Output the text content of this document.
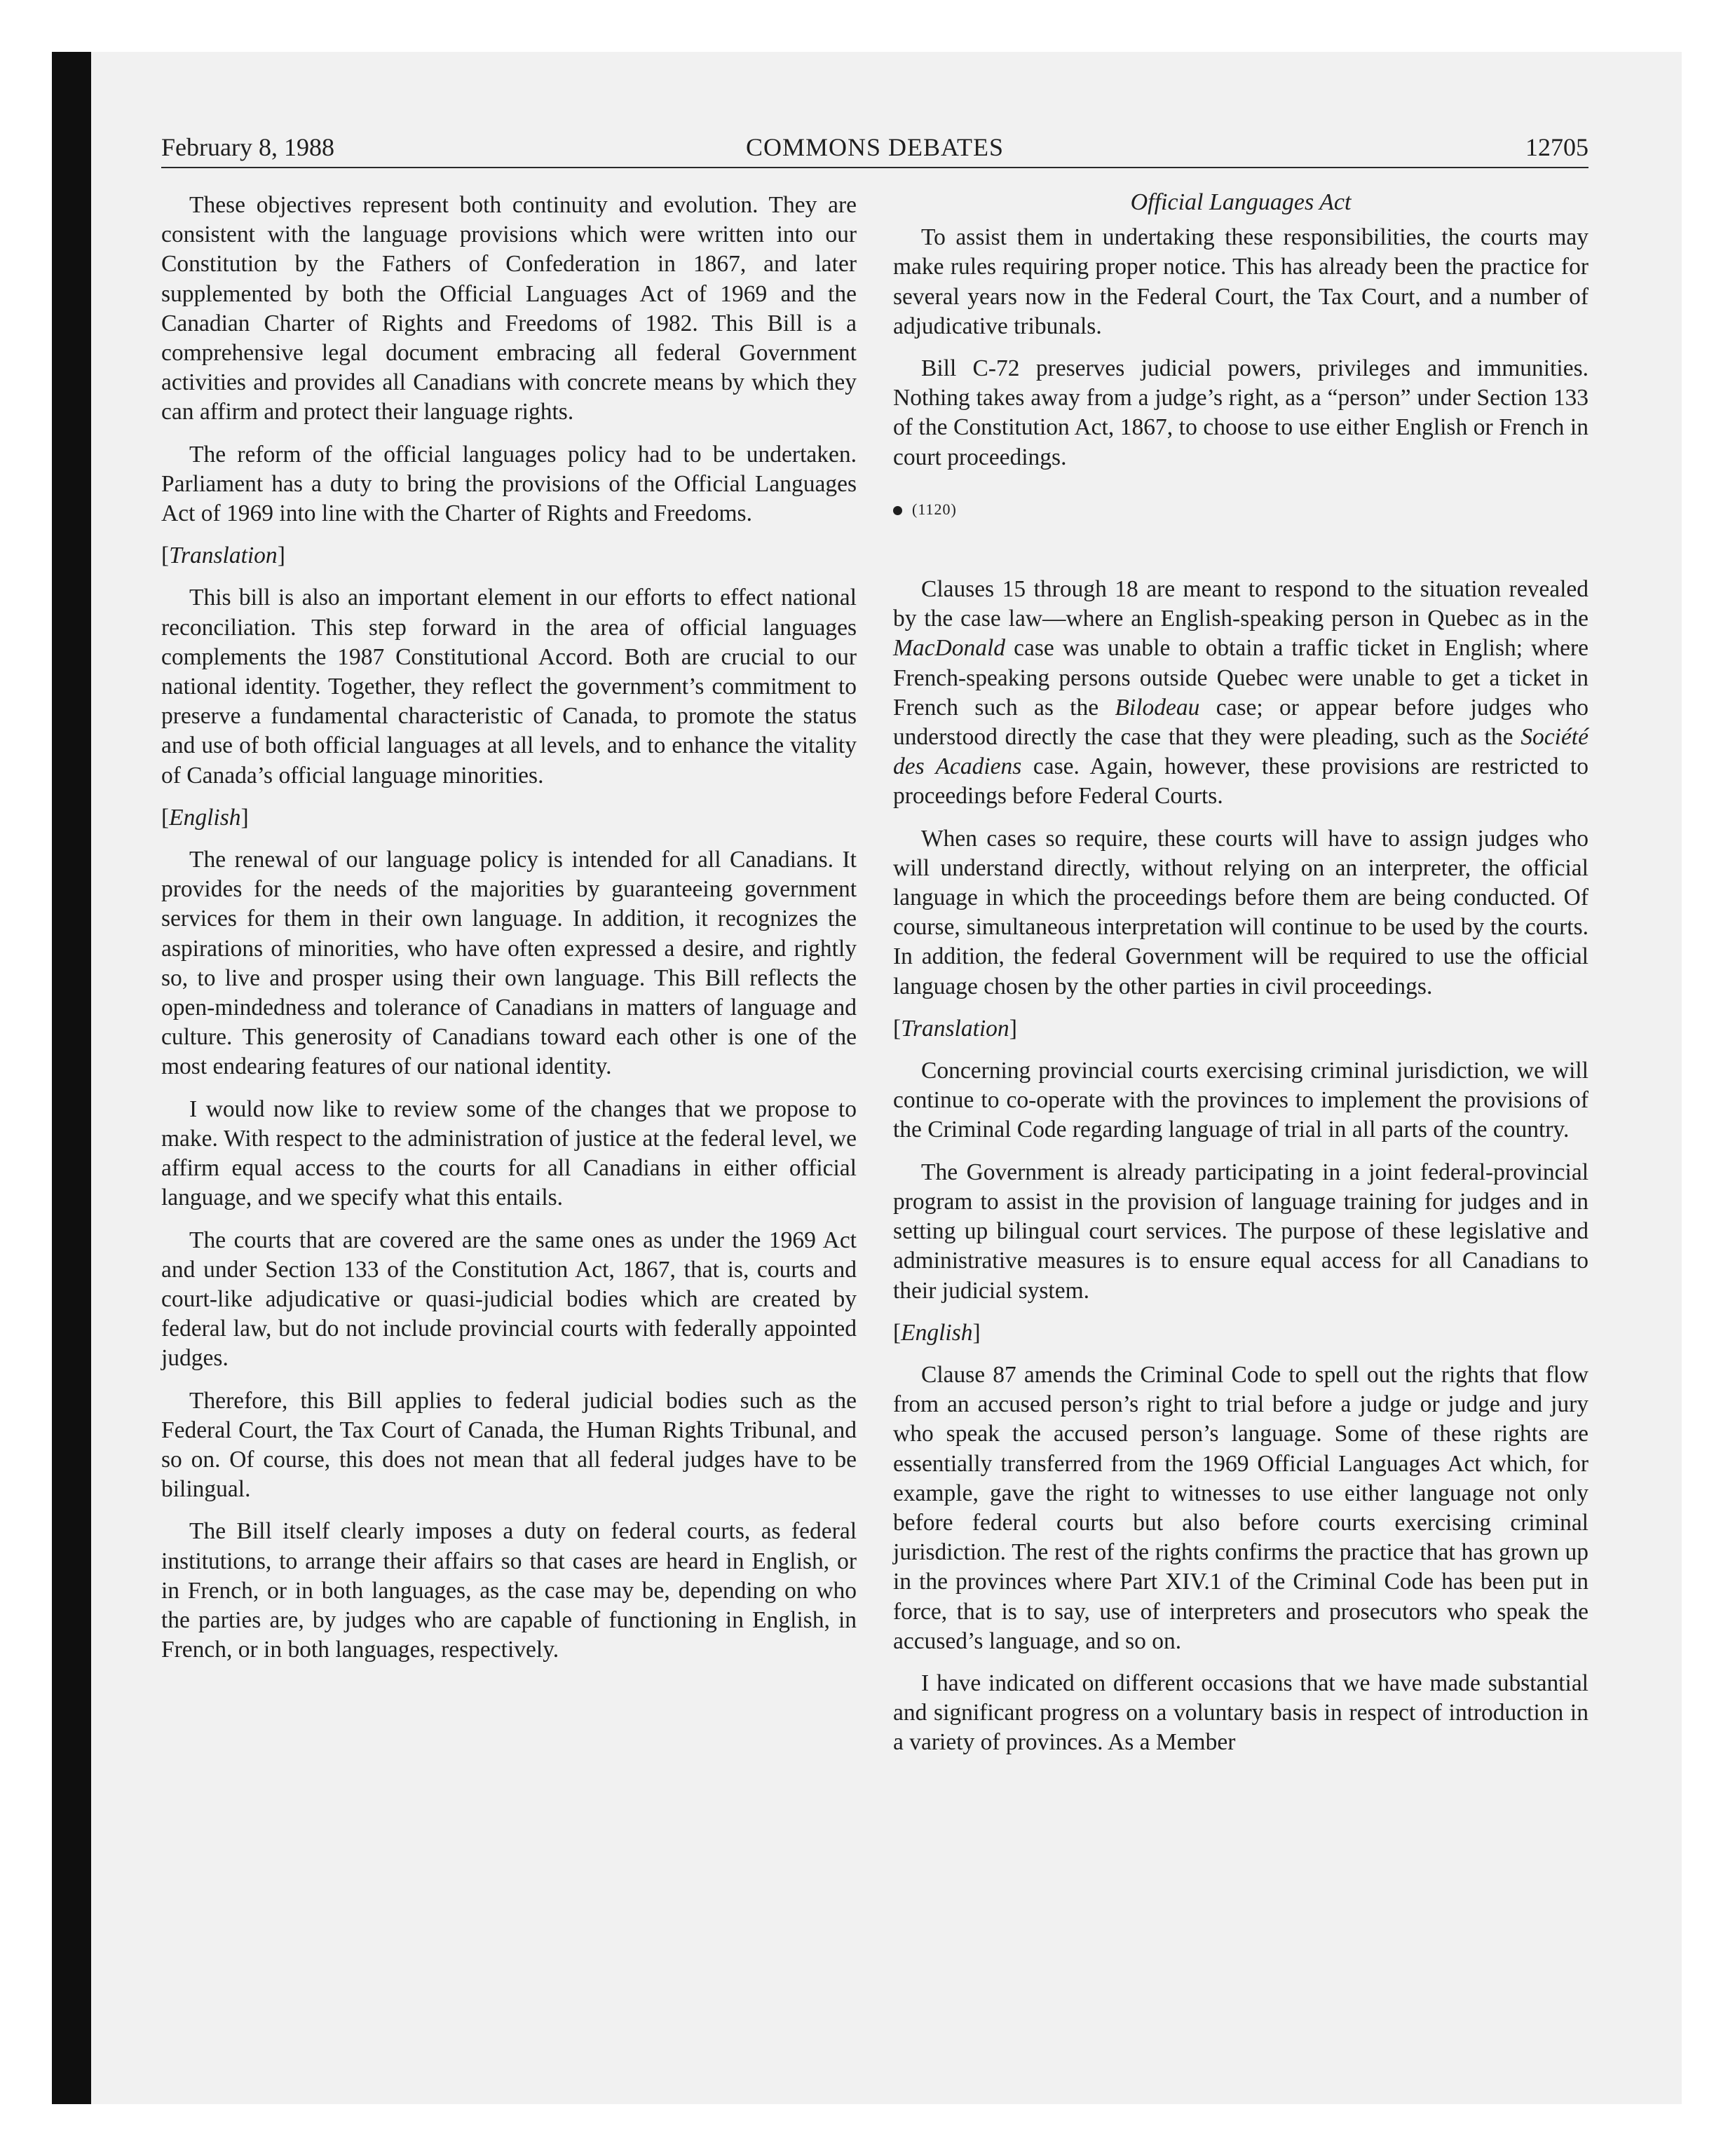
February 8, 1988	COMMONS DEBATES	12705

These objectives represent both continuity and evolution. They are consistent with the language provisions which were written into our Constitution by the Fathers of Confederation in 1867, and later supplemented by both the Official Languages Act of 1969 and the Canadian Charter of Rights and Freedoms of 1982. This Bill is a comprehensive legal document embracing all federal Government activities and provides all Canadians with concrete means by which they can affirm and protect their language rights.

The reform of the official languages policy had to be undertaken. Parliament has a duty to bring the provisions of the Official Languages Act of 1969 into line with the Charter of Rights and Freedoms.

[Translation]

This bill is also an important element in our efforts to effect national reconciliation. This step forward in the area of official languages complements the 1987 Constitutional Accord. Both are crucial to our national identity. Together, they reflect the government’s commitment to preserve a fundamental characteristic of Canada, to promote the status and use of both official languages at all levels, and to enhance the vitality of Canada’s official language minorities.

[English]

The renewal of our language policy is intended for all Canadians. It provides for the needs of the majorities by guaranteeing government services for them in their own language. In addition, it recognizes the aspirations of minorities, who have often expressed a desire, and rightly so, to live and prosper using their own language. This Bill reflects the open-mindedness and tolerance of Canadians in matters of language and culture. This generosity of Canadians toward each other is one of the most endearing features of our national identity.

I would now like to review some of the changes that we propose to make. With respect to the administration of justice at the federal level, we affirm equal access to the courts for all Canadians in either official language, and we specify what this entails.

The courts that are covered are the same ones as under the 1969 Act and under Section 133 of the Constitution Act, 1867, that is, courts and court-like adjudicative or quasi-judicial bodies which are created by federal law, but do not include provincial courts with federally appointed judges.

Therefore, this Bill applies to federal judicial bodies such as the Federal Court, the Tax Court of Canada, the Human Rights Tribunal, and so on. Of course, this does not mean that all federal judges have to be bilingual.

The Bill itself clearly imposes a duty on federal courts, as federal institutions, to arrange their affairs so that cases are heard in English, or in French, or in both languages, as the case may be, depending on who the parties are, by judges who are capable of functioning in English, in French, or in both languages, respectively.

Official Languages Act

To assist them in undertaking these responsibilities, the courts may make rules requiring proper notice. This has already been the practice for several years now in the Federal Court, the Tax Court, and a number of adjudicative tribunals.

Bill C-72 preserves judicial powers, privileges and immunities. Nothing takes away from a judge’s right, as a “person” under Section 133 of the Constitution Act, 1867, to choose to use either English or French in court proceedings.

(1120)

Clauses 15 through 18 are meant to respond to the situation revealed by the case law—where an English-speaking person in Quebec as in the MacDonald case was unable to obtain a traffic ticket in English; where French-speaking persons outside Quebec were unable to get a ticket in French such as the Bilodeau case; or appear before judges who understood directly the case that they were pleading, such as the Société des Acadiens case. Again, however, these provisions are restricted to proceedings before Federal Courts.

When cases so require, these courts will have to assign judges who will understand directly, without relying on an interpreter, the official language in which the proceedings before them are being conducted. Of course, simultaneous interpretation will continue to be used by the courts. In addition, the federal Government will be required to use the official language chosen by the other parties in civil proceedings.

[Translation]

Concerning provincial courts exercising criminal jurisdiction, we will continue to co-operate with the provinces to implement the provisions of the Criminal Code regarding language of trial in all parts of the country.

The Government is already participating in a joint federal-provincial program to assist in the provision of language training for judges and in setting up bilingual court services. The purpose of these legislative and administrative measures is to ensure equal access for all Canadians to their judicial system.

[English]

Clause 87 amends the Criminal Code to spell out the rights that flow from an accused person’s right to trial before a judge or judge and jury who speak the accused person’s language. Some of these rights are essentially transferred from the 1969 Official Languages Act which, for example, gave the right to witnesses to use either language not only before federal courts but also before courts exercising criminal jurisdiction. The rest of the rights confirms the practice that has grown up in the provinces where Part XIV.1 of the Criminal Code has been put in force, that is to say, use of interpreters and prosecutors who speak the accused’s language, and so on.

I have indicated on different occasions that we have made substantial and significant progress on a voluntary basis in respect of introduction in a variety of provinces. As a Member
